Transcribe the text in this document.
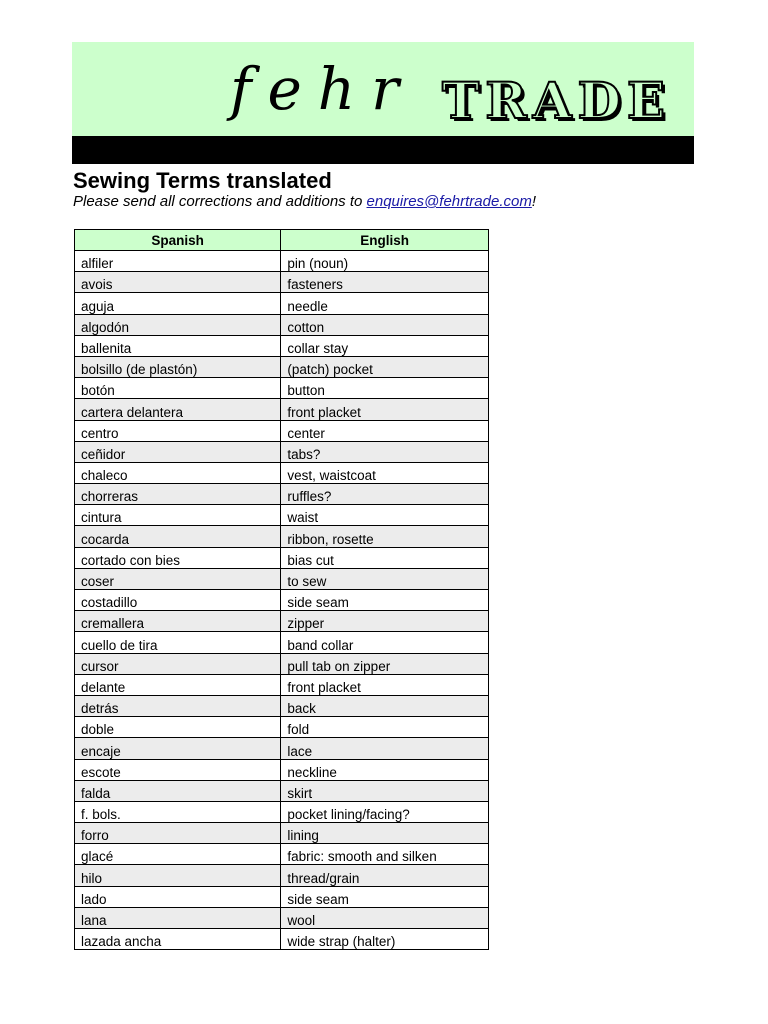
fehr TRADE
Sewing Terms translated
Please send all corrections and additions to enquires@fehrtrade.com!
Spanish	English
alfiler	pin (noun)
avois	fasteners
aguja	needle
algodón	cotton
ballenita	collar stay
bolsillo (de plastón)	(patch) pocket
botón	button
cartera delantera	front placket
centro	center
ceñidor	tabs?
chaleco	vest, waistcoat
chorreras	ruffles?
cintura	waist
cocarda	ribbon, rosette
cortado con bies	bias cut
coser	to sew
costadillo	side seam
cremallera	zipper
cuello de tira	band collar
cursor	pull tab on zipper
delante	front placket
detrás	back
doble	fold
encaje	lace
escote	neckline
falda	skirt
f. bols.	pocket lining/facing?
forro	lining
glacé	fabric: smooth and silken
hilo	thread/grain
lado	side seam
lana	wool
lazada ancha	wide strap (halter)
